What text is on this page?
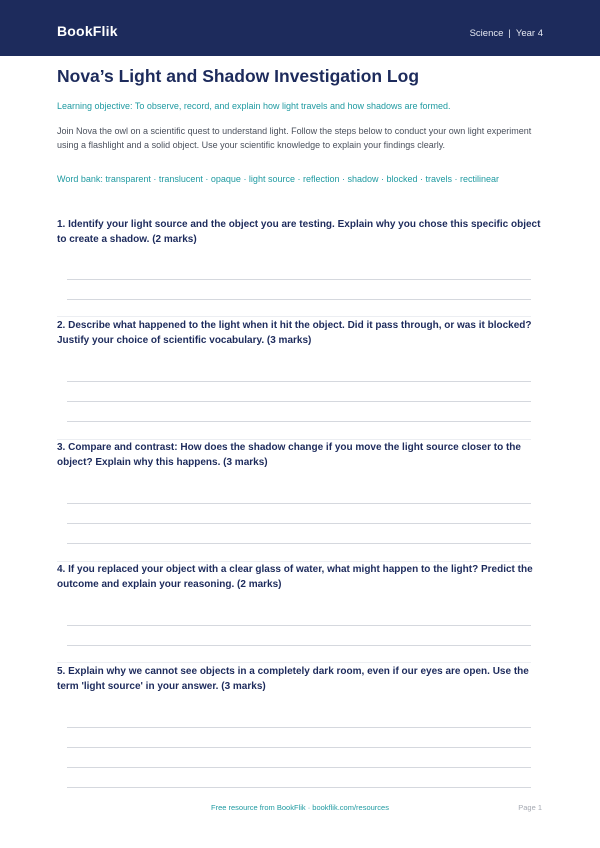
BookFlik	Science | Year 4
Nova’s Light and Shadow Investigation Log
Learning objective: To observe, record, and explain how light travels and how shadows are formed.
Join Nova the owl on a scientific quest to understand light. Follow the steps below to conduct your own light experiment using a flashlight and a solid object. Use your scientific knowledge to explain your findings clearly.
Word bank: transparent · translucent · opaque · light source · reflection · shadow · blocked · travels · rectilinear
1. Identify your light source and the object you are testing. Explain why you chose this specific object to create a shadow. (2 marks)
2. Describe what happened to the light when it hit the object. Did it pass through, or was it blocked? Justify your choice of scientific vocabulary. (3 marks)
3. Compare and contrast: How does the shadow change if you move the light source closer to the object? Explain why this happens. (3 marks)
4. If you replaced your object with a clear glass of water, what might happen to the light? Predict the outcome and explain your reasoning. (2 marks)
5. Explain why we cannot see objects in a completely dark room, even if our eyes are open. Use the term 'light source' in your answer. (3 marks)
Free resource from BookFlik · bookflik.com/resources	Page 1
